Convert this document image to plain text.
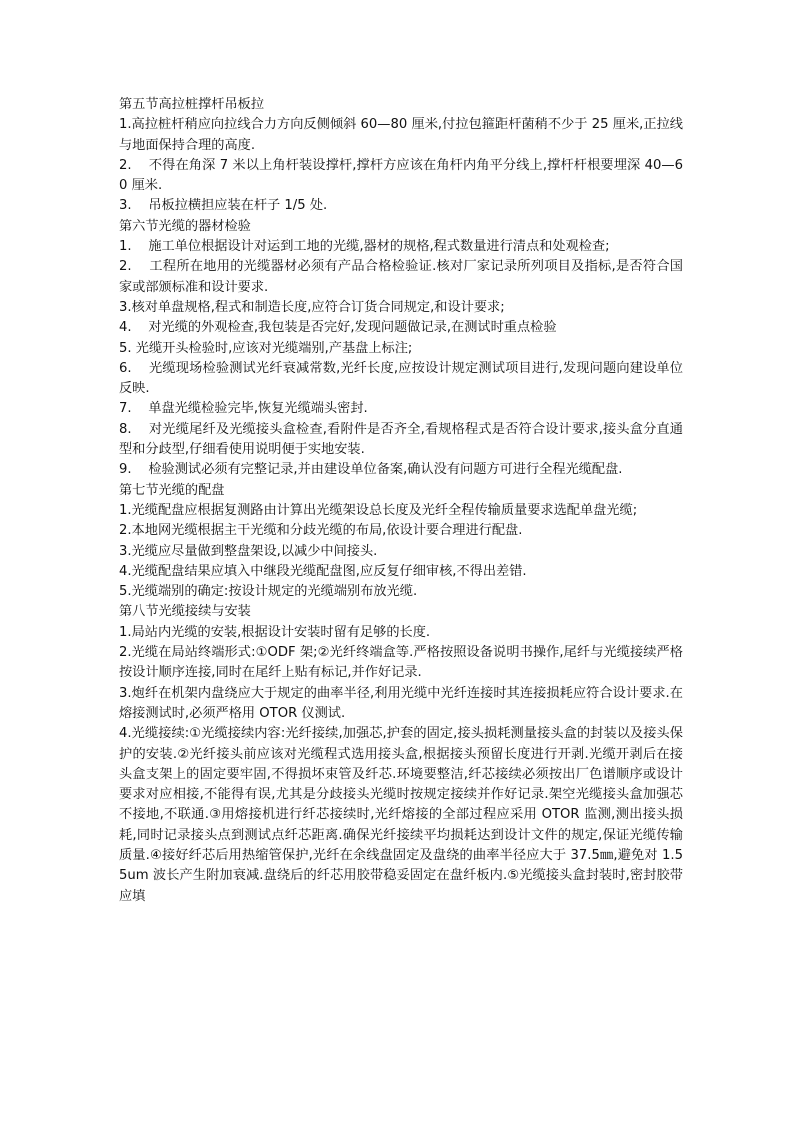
第五节高拉桩撑杆吊板拉

1.高拉桩杆稍应向拉线合力方向反侧倾斜 60—80 厘米,付拉包箍距杆菌稍不少于 25 厘米,正拉线与地面保持合理的高度.

2.    不得在角深 7 米以上角杆装设撑杆,撑杆方应该在角杆内角平分线上,撑杆杆根要埋深 40—60 厘米.

3.    吊板拉横担应装在杆子 1/5 处.

第六节光缆的器材检验

1.    施工单位根据设计对运到工地的光缆,器材的规格,程式数量进行清点和处观检查;

2.    工程所在地用的光缆器材必须有产品合格检验证.核对厂家记录所列项目及指标,是否符合国家或部颁标准和设计要求.

3.核对单盘规格,程式和制造长度,应符合订货合同规定,和设计要求;

4.    对光缆的外观检查,我包装是否完好,发现问题做记录,在测试时重点检验

5. 光缆开头检验时,应该对光缆端别,产基盘上标注;

6.    光缆现场检验测试光纤衰减常数,光纤长度,应按设计规定测试项目进行,发现问题向建设单位反映.

7.    单盘光缆检验完毕,恢复光缆端头密封.

8.    对光缆尾纤及光缆接头盒检查,看附件是否齐全,看规格程式是否符合设计要求,接头盒分直通型和分歧型,仔细看使用说明便于实地安装.

9.    检验测试必须有完整记录,并由建设单位备案,确认没有问题方可进行全程光缆配盘.

第七节光缆的配盘

1.光缆配盘应根据复测路由计算出光缆架设总长度及光纤全程传输质量要求选配单盘光缆;

2.本地网光缆根据主干光缆和分歧光缆的布局,依设计要合理进行配盘.

3.光缆应尽量做到整盘架设,以减少中间接头.

4.光缆配盘结果应填入中继段光缆配盘图,应反复仔细审核,不得出差错.

5.光缆端别的确定:按设计规定的光缆端别布放光缆.

第八节光缆接续与安装

1.局站内光缆的安装,根据设计安装时留有足够的长度.

2.光缆在局站终端形式:①ODF 架;②光纤终端盒等.严格按照设备说明书操作,尾纤与光缆接续严格按设计顺序连接,同时在尾纤上贴有标记,并作好记录.

3.炮纤在机架内盘绕应大于规定的曲率半径,利用光缆中光纤连接时其连接损耗应符合设计要求.在熔接测试时,必须严格用 OTOR 仪测试.

4.光缆接续:①光缆接续内容:光纤接续,加强芯,护套的固定,接头损耗测量接头盒的封装以及接头保护的安装.②光纤接头前应该对光缆程式选用接头盒,根据接头预留长度进行开剥.光缆开剥后在接头盒支架上的固定要牢固,不得损坏束管及纤芯.环境要整洁,纤芯接续必须按出厂色谱顺序或设计要求对应相接,不能得有误,尤其是分歧接头光缆时按规定接续并作好记录.架空光缆接头盒加强芯不接地,不联通.③用熔接机进行纤芯接续时,光纤熔接的全部过程应采用 OTOR 监测,测出接头损耗,同时记录接头点到测试点纤芯距离.确保光纤接续平均损耗达到设计文件的规定,保证光缆传输质量.④接好纤芯后用热缩管保护,光纤在余线盘固定及盘绕的曲率半径应大于 37.5㎜,避免对 1.55um 波长产生附加衰减.盘绕后的纤芯用胶带稳妥固定在盘纤板内.⑤光缆接头盒封装时,密封胶带应填
